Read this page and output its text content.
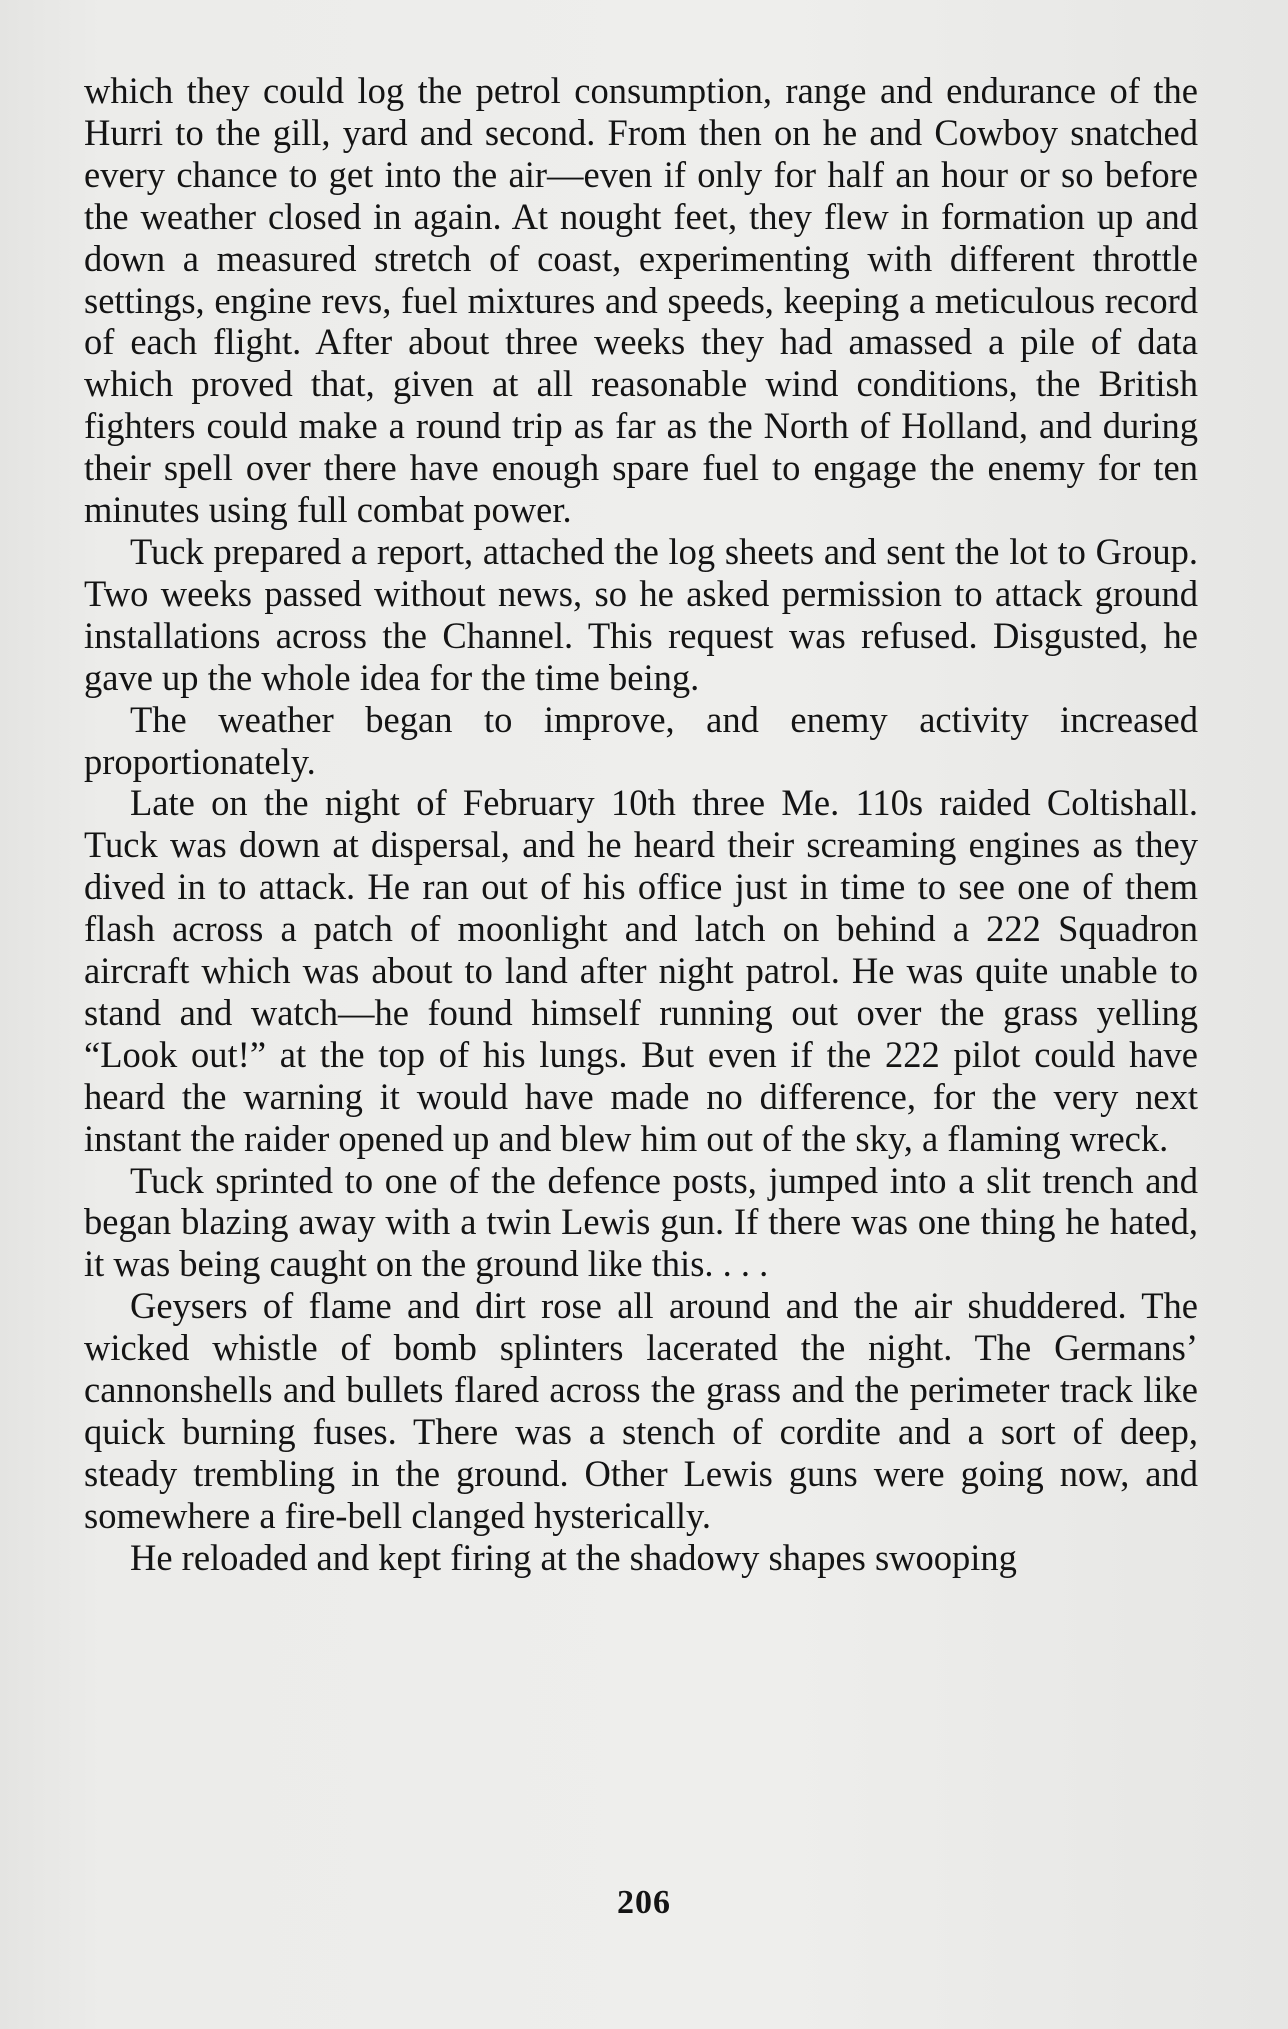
which they could log the petrol consumption, range and endurance of the Hurri to the gill, yard and second. From then on he and Cowboy snatched every chance to get into the air—even if only for half an hour or so before the weather closed in again. At nought feet, they flew in formation up and down a measured stretch of coast, experimenting with different throttle settings, engine revs, fuel mixtures and speeds, keeping a meticulous record of each flight. After about three weeks they had amassed a pile of data which proved that, given at all reasonable wind conditions, the British fighters could make a round trip as far as the North of Holland, and during their spell over there have enough spare fuel to engage the enemy for ten minutes using full combat power.

Tuck prepared a report, attached the log sheets and sent the lot to Group. Two weeks passed without news, so he asked permission to attack ground installations across the Channel. This request was refused. Disgusted, he gave up the whole idea for the time being.

The weather began to improve, and enemy activity increased proportionately.

Late on the night of February 10th three Me. 110s raided Coltishall. Tuck was down at dispersal, and he heard their screaming engines as they dived in to attack. He ran out of his office just in time to see one of them flash across a patch of moonlight and latch on behind a 222 Squadron aircraft which was about to land after night patrol. He was quite unable to stand and watch—he found himself running out over the grass yelling “Look out!” at the top of his lungs. But even if the 222 pilot could have heard the warning it would have made no difference, for the very next instant the raider opened up and blew him out of the sky, a flaming wreck.

Tuck sprinted to one of the defence posts, jumped into a slit trench and began blazing away with a twin Lewis gun. If there was one thing he hated, it was being caught on the ground like this. . . .

Geysers of flame and dirt rose all around and the air shuddered. The wicked whistle of bomb splinters lacerated the night. The Germans’ cannonshells and bullets flared across the grass and the perimeter track like quick burning fuses. There was a stench of cordite and a sort of deep, steady trembling in the ground. Other Lewis guns were going now, and somewhere a fire-bell clanged hysterically.

He reloaded and kept firing at the shadowy shapes swooping

206
